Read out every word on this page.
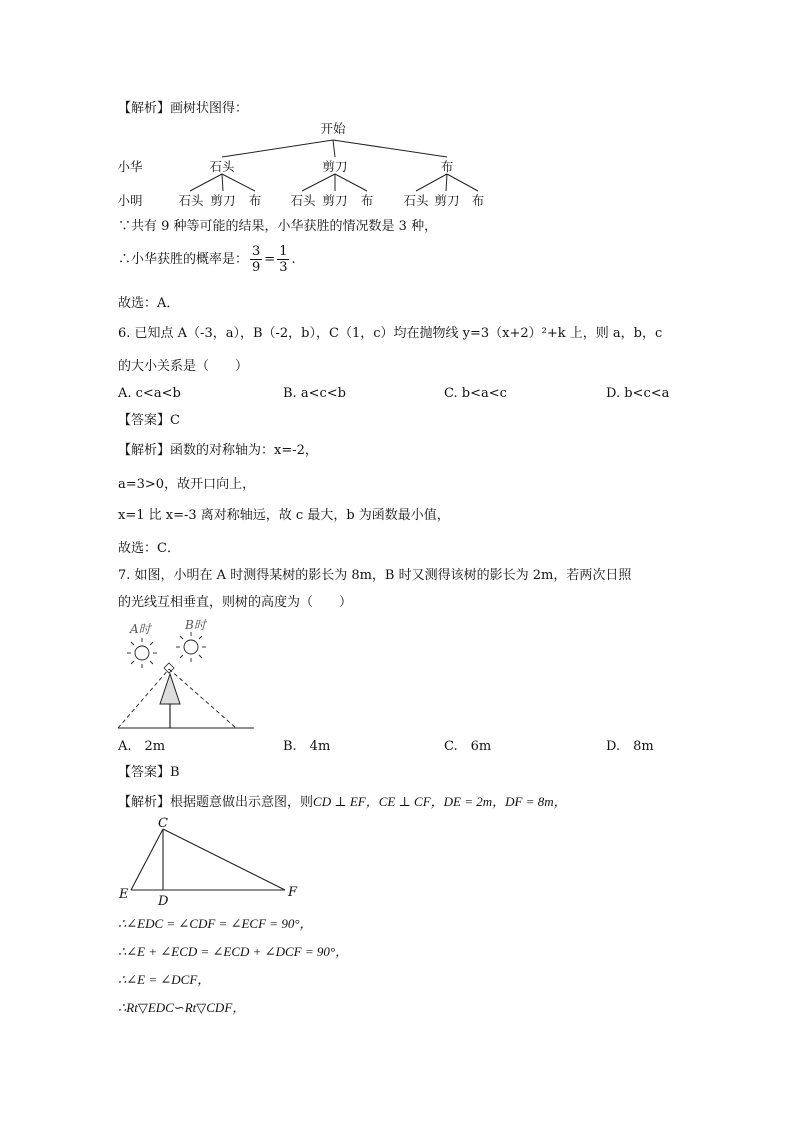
【解析】画树状图得：
开始
小华
小明
石头	剪刀	布
石头 剪刀 布 石头 剪刀 布 石头 剪刀 布
∵共有 9 种等可能的结果，小华获胜的情况数是 3 种，
∴小华获胜的概率是： $\frac{3}{9} = \frac{1}{3}$ .
故选：A．
6. 已知点 A（-3，a），B（-2，b），C（1，c）均在抛物线 y=3（x+2）²+k 上，则 a，b，c
的大小关系是（　　）
A. c<a<b	B. a<c<b	C. b<a<c	D. b<c<a
【答案】C
【解析】函数的对称轴为：x=-2，
a=3>0，故开口向上，
x=1 比 x=-3 离对称轴远，故 c 最大，b 为函数最小值，
故选：C．
7. 如图，小明在 A 时测得某树的影长为 8m，B 时又测得该树的影长为 2m，若两次日照
的光线互相垂直，则树的高度为（　　）
A时	B时
A.　2m	B.　4m	C.　6m	D.　8m
【答案】B
【解析】根据题意做出示意图，则CD ⊥ EF，CE ⊥ CF，DE = 2m，DF = 8m，
C
D
E	F
∴∠EDC = ∠CDF = ∠ECF = 90°，
∴∠E + ∠ECD = ∠ECD + ∠DCF = 90°，
∴∠E = ∠DCF，
∴Rt▽EDC∽Rt▽CDF，
